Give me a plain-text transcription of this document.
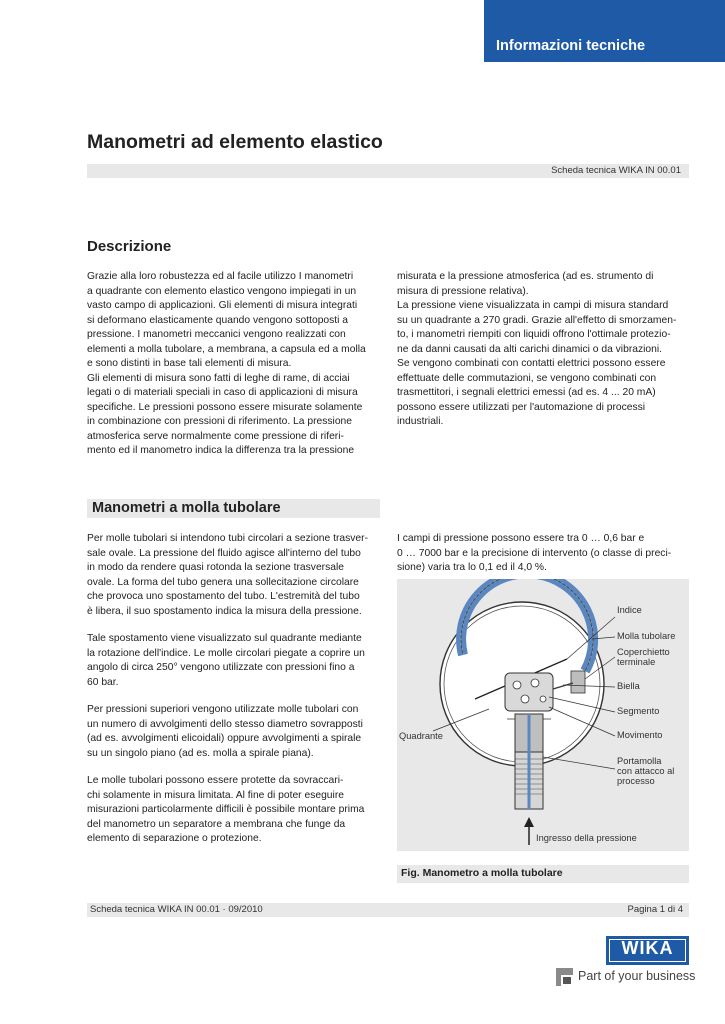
Informazioni tecniche
Manometri ad elemento elastico
Scheda tecnica WIKA IN 00.01
Descrizione
Grazie alla loro robustezza ed al facile utilizzo I manometri
a quadrante con elemento elastico vengono impiegati in un
vasto campo di applicazioni. Gli elementi di misura integrati
si deformano elasticamente quando vengono sottoposti a
pressione. I manometri meccanici vengono realizzati con
elementi a molla tubolare, a membrana, a capsula ed a molla
e sono distinti in base tali elementi di misura.
Gli elementi di misura sono fatti di leghe di rame, di acciai
legati o di materiali speciali in caso di applicazioni di misura
specifiche. Le pressioni possono essere misurate solamente
in combinazione con pressioni di riferimento. La pressione
atmosferica serve normalmente come pressione di riferi-
mento ed il manometro indica la differenza tra la pressione
misurata e la pressione atmosferica (ad es. strumento di
misura di pressione relativa).
La pressione viene visualizzata in campi di misura standard
su un quadrante a 270 gradi. Grazie all'effetto di smorzamen-
to, i manometri riempiti con liquidi offrono l'ottimale protezio-
ne da danni causati da alti carichi dinamici o da vibrazioni.
Se vengono combinati con contatti elettrici possono essere
effettuate delle commutazioni, se vengono combinati con
trasmettitori, i segnali elettrici emessi (ad es. 4 ... 20 mA)
possono essere utilizzati per l'automazione di processi
industriali.
Manometri a molla tubolare
Per molle tubolari si intendono tubi circolari a sezione trasver-
sale ovale. La pressione del fluido agisce all'interno del tubo
in modo da rendere quasi rotonda la sezione trasversale
ovale. La forma del tubo genera una sollecitazione circolare
che provoca uno spostamento del tubo. L'estremità del tubo
è libera, il suo spostamento indica la misura della pressione.
Tale spostamento viene visualizzato sul quadrante mediante
la rotazione dell'indice. Le molle circolari piegate a coprire un
angolo di circa 250° vengono utilizzate con pressioni fino a
60 bar.
Per pressioni superiori vengono utilizzate molle tubolari con
un numero di avvolgimenti dello stesso diametro sovrapposti
(ad es. avvolgimenti elicoidali) oppure avvolgimenti a spirale
su un singolo piano (ad es. molla a spirale piana).
Le molle tubolari possono essere protette da sovraccari-
chi solamente in misura limitata. Al fine di poter eseguire
misurazioni particolarmente difficili è possibile montare prima
del manometro un separatore a membrana che funge da
elemento di separazione o protezione.
I campi di pressione possono essere tra 0 … 0,6 bar e
0 … 7000 bar e la precisione di intervento (o classe di preci-
sione) varia tra lo 0,1 ed il 4,0 %.
Indice
Molla tubolare
Coperchietto
terminale
Biella
Segmento
Movimento
Portamolla
con attacco al
processo
Quadrante
Ingresso della pressione
Fig. Manometro a molla tubolare
Scheda tecnica WIKA IN 00.01 · 09/2010	Pagina 1 di 4
WIKA
Part of your business
